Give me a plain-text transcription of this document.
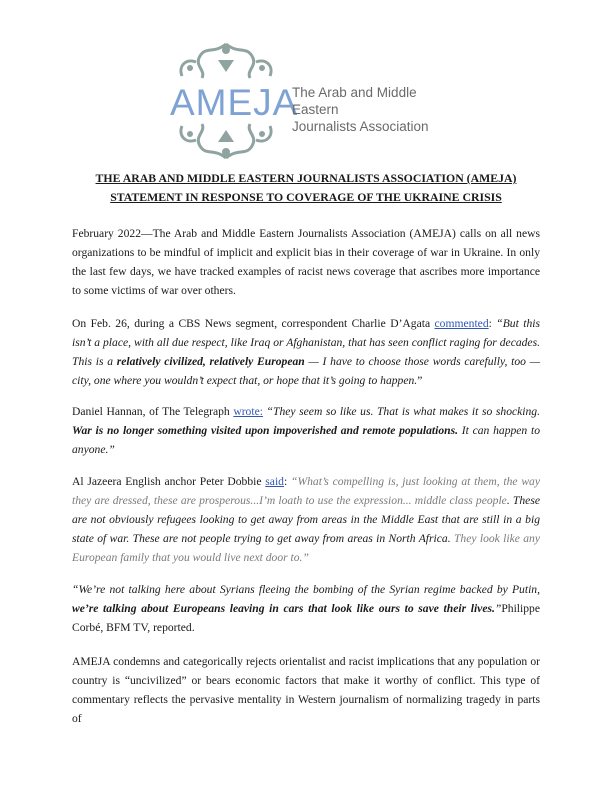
AMEJA
The Arab and Middle Eastern
Journalists Association
THE ARAB AND MIDDLE EASTERN JOURNALISTS ASSOCIATION (AMEJA)
STATEMENT IN RESPONSE TO COVERAGE OF THE UKRAINE CRISIS
February 2022—The Arab and Middle Eastern Journalists Association (AMEJA) calls on all news organizations to be mindful of implicit and explicit bias in their coverage of war in Ukraine. In only the last few days, we have tracked examples of racist news coverage that ascribes more importance to some victims of war over others.
On Feb. 26, during a CBS News segment, correspondent Charlie D’Agata commented: “But this isn’t a place, with all due respect, like Iraq or Afghanistan, that has seen conflict raging for decades. This is a relatively civilized, relatively European — I have to choose those words carefully, too — city, one where you wouldn’t expect that, or hope that it’s going to happen.”
Daniel Hannan, of The Telegraph wrote: “They seem so like us. That is what makes it so shocking. War is no longer something visited upon impoverished and remote populations. It can happen to anyone.”
Al Jazeera English anchor Peter Dobbie said: “What’s compelling is, just looking at them, the way they are dressed, these are prosperous...I’m loath to use the expression... middle class people. These are not obviously refugees looking to get away from areas in the Middle East that are still in a big state of war. These are not people trying to get away from areas in North Africa. They look like any European family that you would live next door to.”
“We’re not talking here about Syrians fleeing the bombing of the Syrian regime backed by Putin, we’re talking about Europeans leaving in cars that look like ours to save their lives.”Philippe Corbé, BFM TV, reported.
AMEJA condemns and categorically rejects orientalist and racist implications that any population or country is “uncivilized” or bears economic factors that make it worthy of conflict. This type of commentary reflects the pervasive mentality in Western journalism of normalizing tragedy in parts of
